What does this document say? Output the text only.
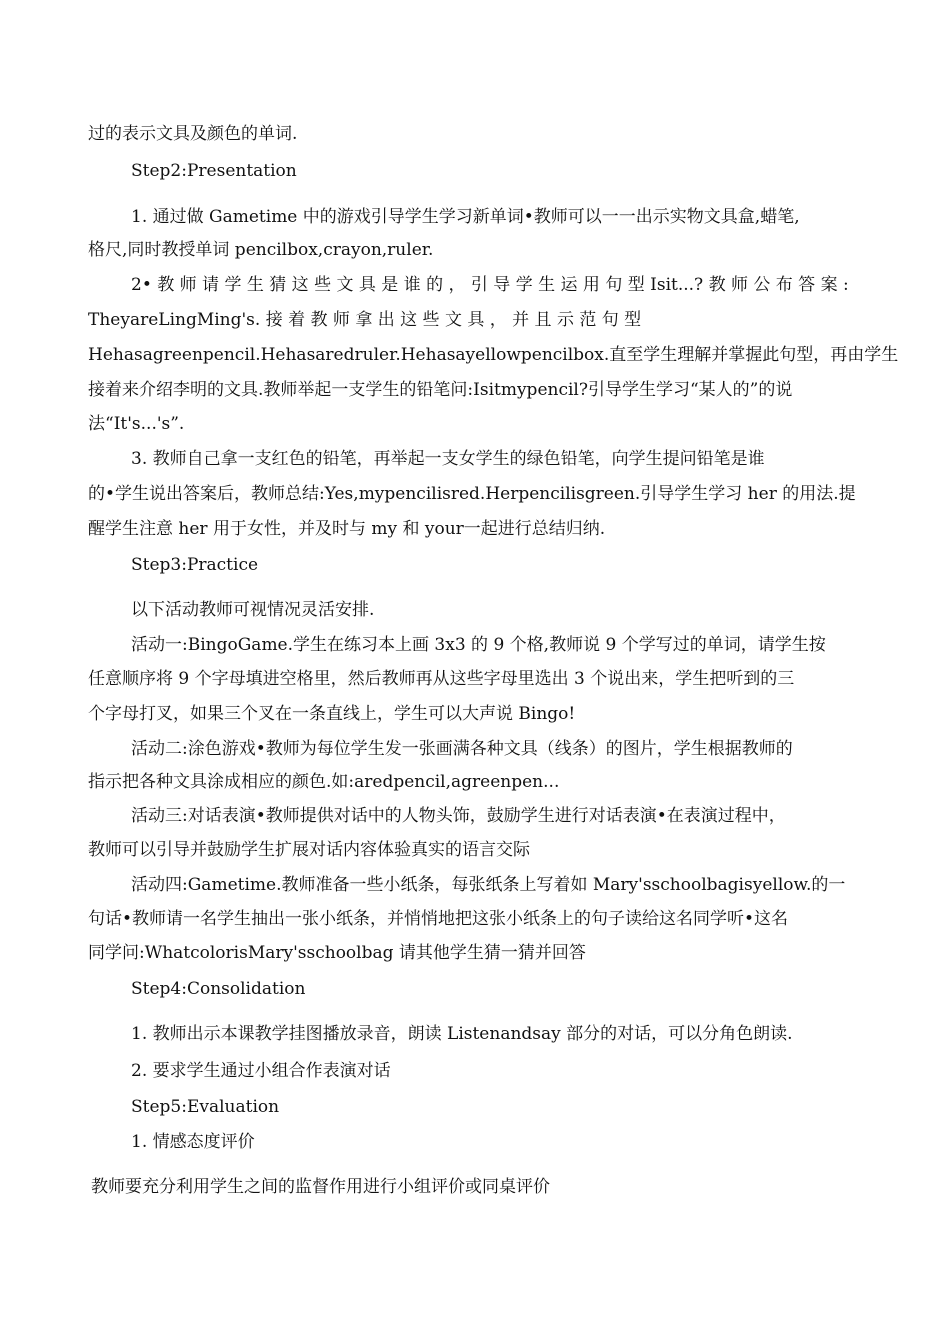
过的表示文具及颜色的单词.
Step2:Presentation
1. 通过做 Gametime 中的游戏引导学生学习新单词•教师可以一一出示实物文具盒,蜡笔,
格尺,同时教授单词 pencilbox,crayon,ruler.
2• 教 师 请 学 生 猜 这 些 文 具 是 谁 的 ， 引 导 学 生 运 用 句 型 Isit...? 教 师 公 布 答 案 :
TheyareLingMing's. 接 着 教 师 拿 出 这 些 文 具 ， 并 且 示 范 句 型
Hehasagreenpencil.Hehasaredruler.Hehasayellowpencilbox.直至学生理解并掌握此句型，再由学生
接着来介绍李明的文具.教师举起一支学生的铅笔问:Isitmypencil?引导学生学习“某人的”的说
法“It's...'s”.
3. 教师自己拿一支红色的铅笔，再举起一支女学生的绿色铅笔，向学生提问铅笔是谁
的•学生说出答案后，教师总结:Yes,mypencilisred.Herpencilisgreen.引导学生学习 her 的用法.提
醒学生注意 her 用于女性，并及时与 my 和 your一起进行总结归纳.
Step3:Practice
以下活动教师可视情况灵活安排.
活动一:BingoGame.学生在练习本上画 3x3 的 9 个格,教师说 9 个学写过的单词，请学生按
任意顺序将 9 个字母填进空格里，然后教师再从这些字母里选出 3 个说出来，学生把听到的三
个字母打叉，如果三个叉在一条直线上，学生可以大声说 Bingo!
活动二:涂色游戏•教师为每位学生发一张画满各种文具（线条）的图片，学生根据教师的
指示把各种文具涂成相应的颜色.如:aredpencil,agreenpen...
活动三:对话表演•教师提供对话中的人物头饰，鼓励学生进行对话表演•在表演过程中，
教师可以引导并鼓励学生扩展对话内容体验真实的语言交际
活动四:Gametime.教师准备一些小纸条，每张纸条上写着如 Mary'sschoolbagisyellow.的一
句话•教师请一名学生抽出一张小纸条，并悄悄地把这张小纸条上的句子读给这名同学听•这名
同学问:WhatcolorisMary'sschoolbag 请其他学生猜一猜并回答
Step4:Consolidation
1. 教师出示本课教学挂图播放录音，朗读 Listenandsay 部分的对话，可以分角色朗读.
2. 要求学生通过小组合作表演对话
Step5:Evaluation
1. 情感态度评价
教师要充分利用学生之间的监督作用进行小组评价或同桌评价
